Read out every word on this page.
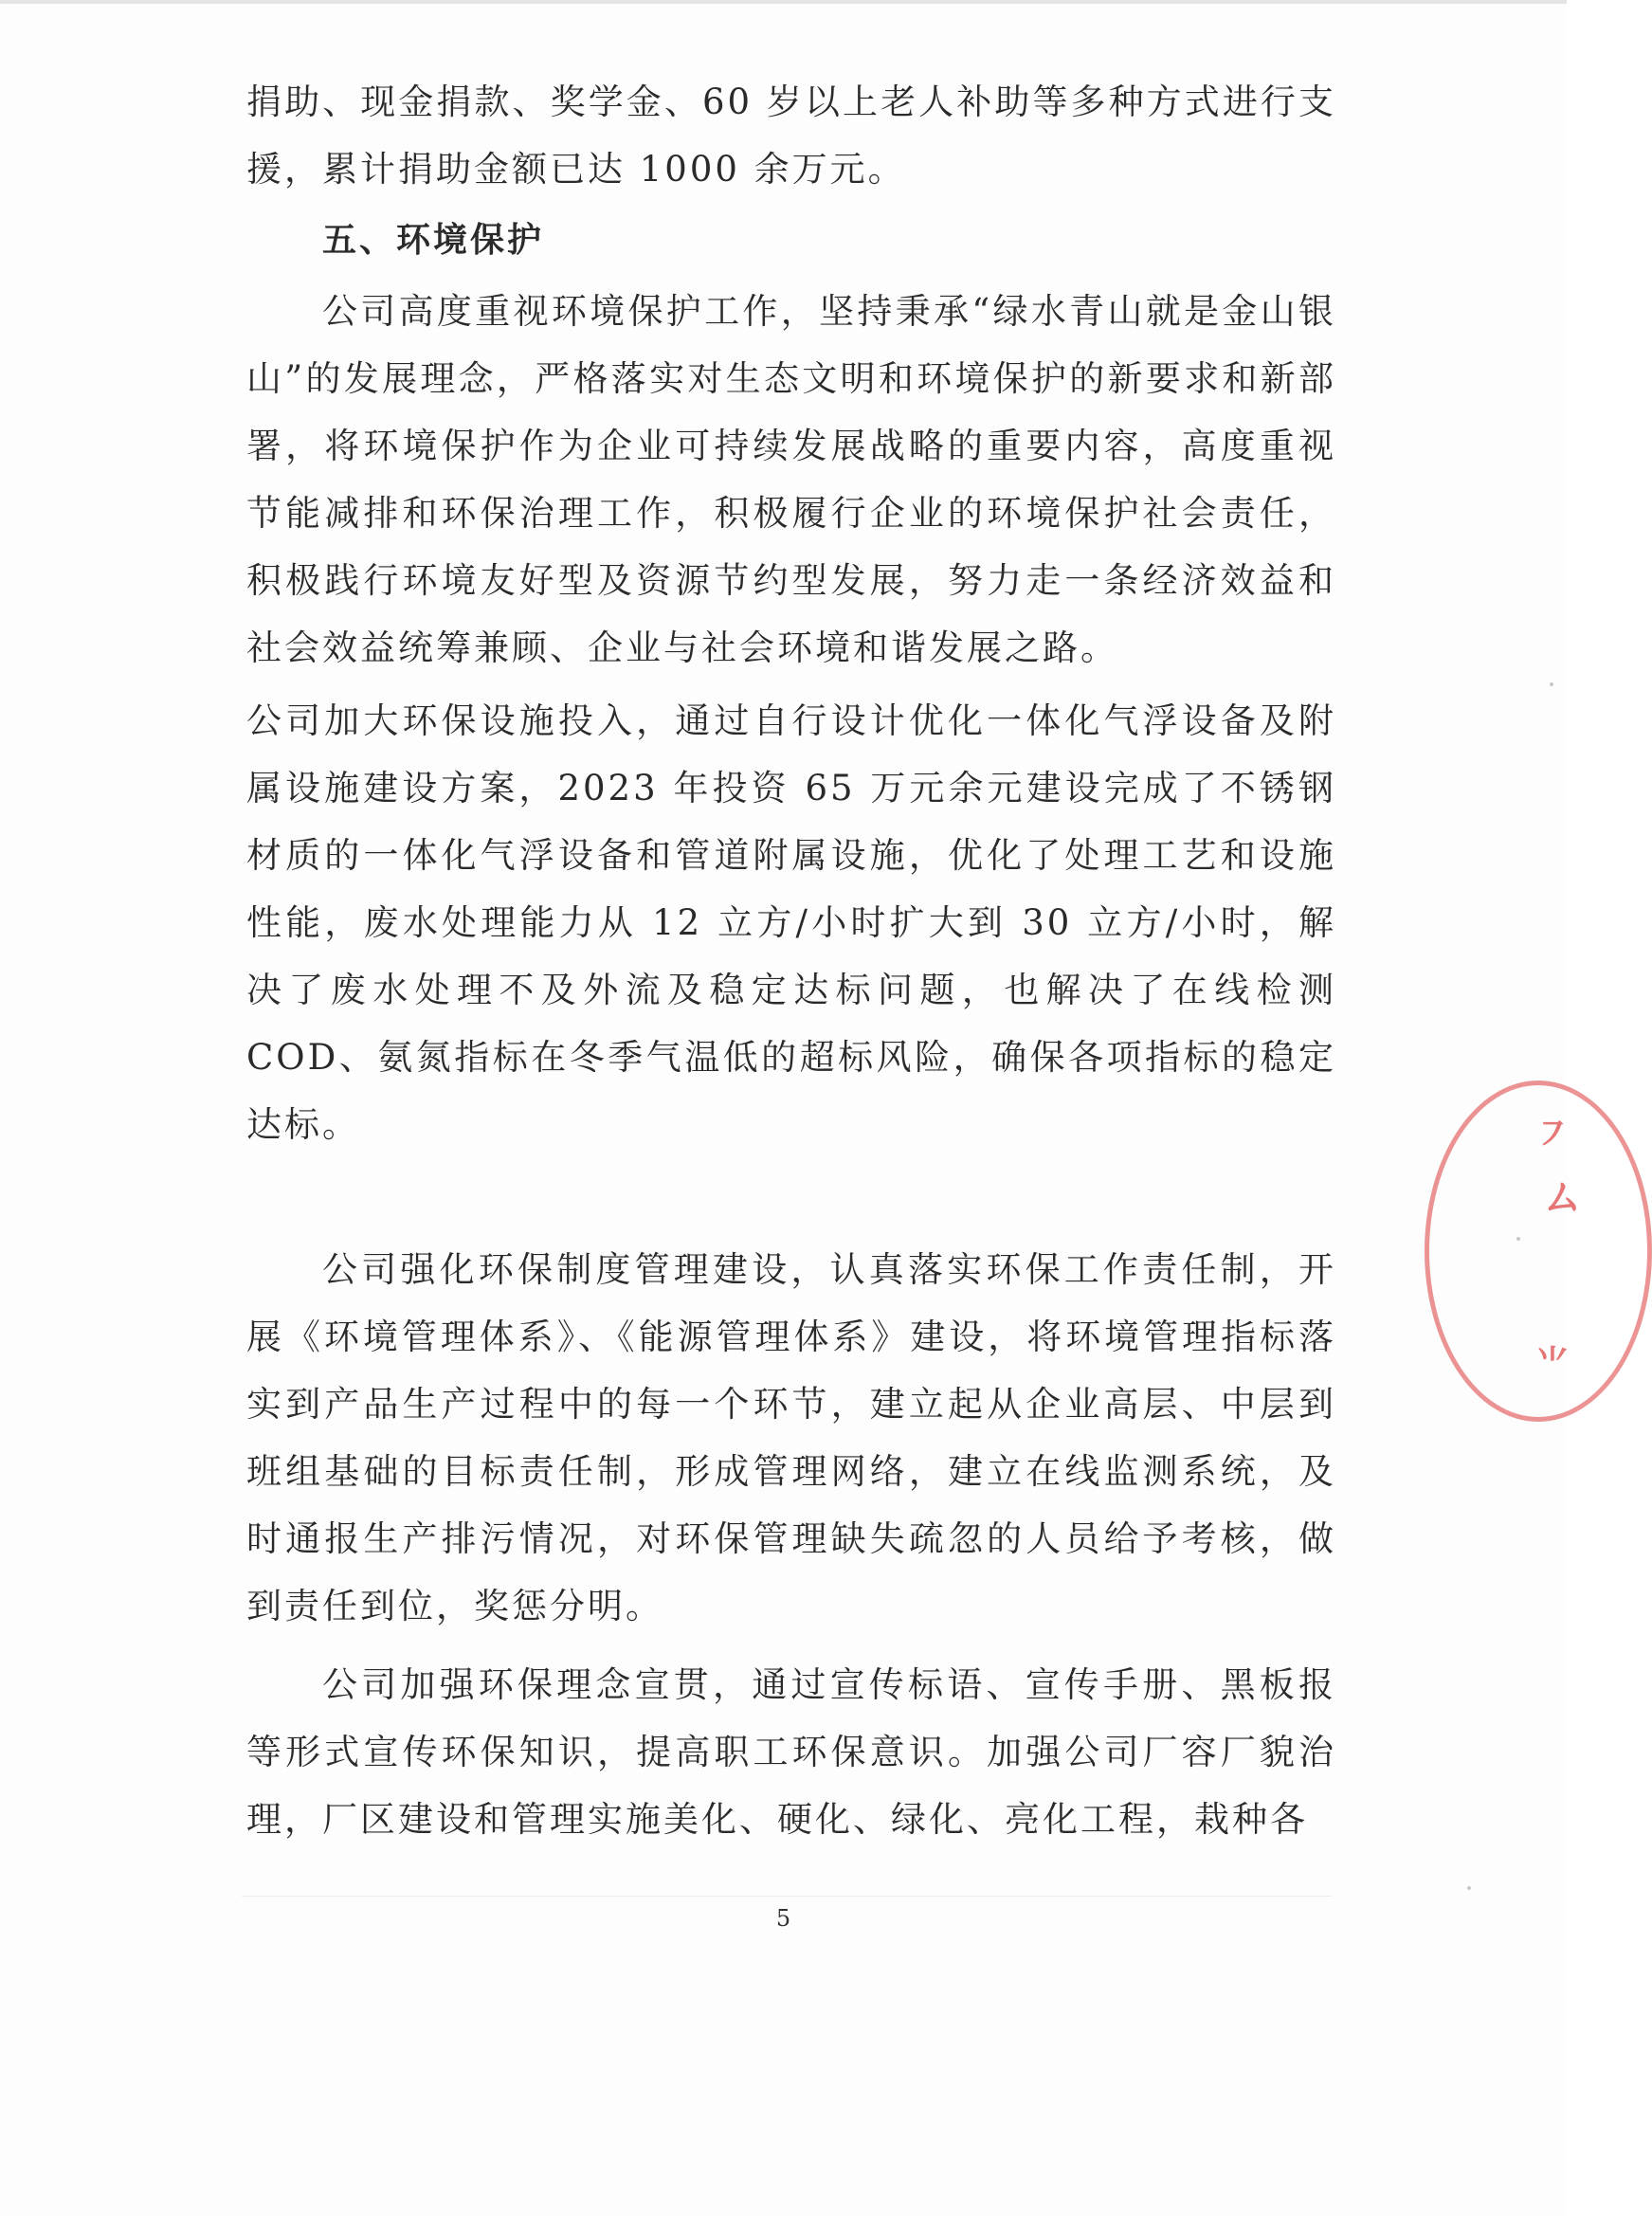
捐助、现金捐款、奖学金、60 岁以上老人补助等多种方式进行支援，累计捐助金额已达 1000 余万元。

五、环境保护

公司高度重视环境保护工作，坚持秉承“绿水青山就是金山银山”的发展理念，严格落实对生态文明和环境保护的新要求和新部署，将环境保护作为企业可持续发展战略的重要内容，高度重视节能减排和环保治理工作，积极履行企业的环境保护社会责任，积极践行环境友好型及资源节约型发展，努力走一条经济效益和社会效益统筹兼顾、企业与社会环境和谐发展之路。

公司加大环保设施投入，通过自行设计优化一体化气浮设备及附属设施建设方案，2023 年投资 65 万元余元建设完成了不锈钢材质的一体化气浮设备和管道附属设施，优化了处理工艺和设施性能，废水处理能力从 12 立方/小时扩大到 30 立方/小时，解决了废水处理不及外流及稳定达标问题，也解决了在线检测 COD、氨氮指标在冬季气温低的超标风险，确保各项指标的稳定达标。

公司强化环保制度管理建设，认真落实环保工作责任制，开展《环境管理体系》、《能源管理体系》建设，将环境管理指标落实到产品生产过程中的每一个环节，建立起从企业高层、中层到班组基础的目标责任制，形成管理网络，建立在线监测系统，及时通报生产排污情况，对环保管理缺失疏忽的人员给予考核，做到责任到位，奖惩分明。

公司加强环保理念宣贯，通过宣传标语、宣传手册、黑板报等形式宣传环保知识，提高职工环保意识。加强公司厂容厂貌治理，厂区建设和管理实施美化、硬化、绿化、亮化工程，栽种各

5
㇇
ㄙ
⺌
